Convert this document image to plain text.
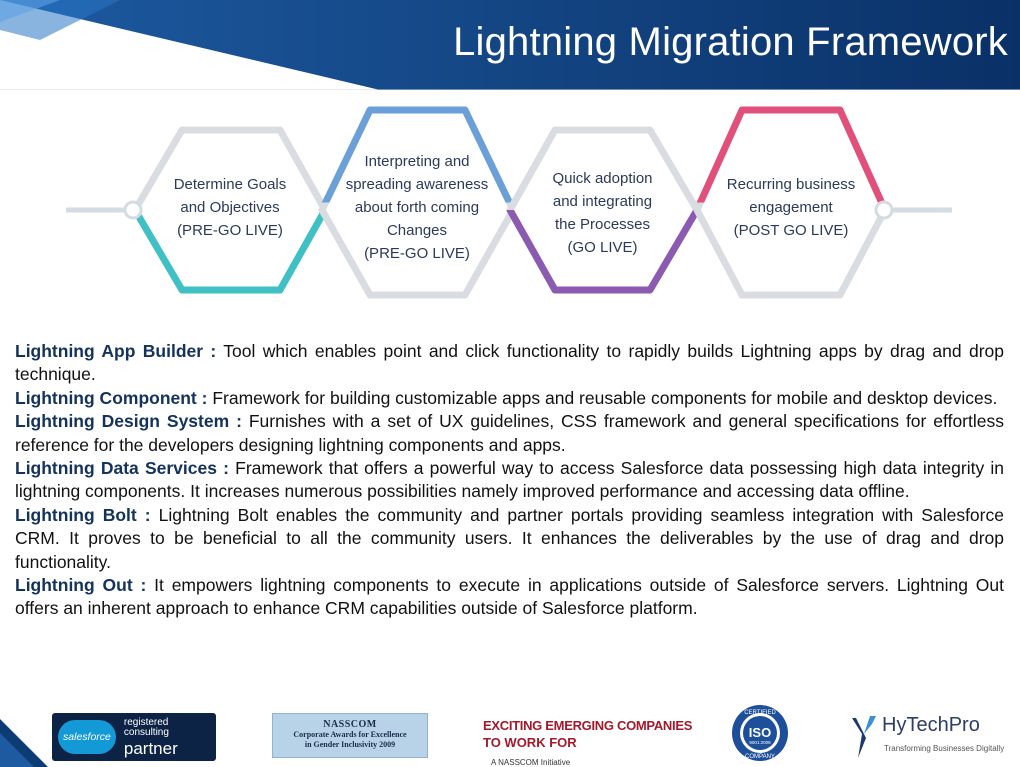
Lightning Migration Framework
Determine Goals
and Objectives
(PRE-GO LIVE)
Interpreting and
spreading awareness
about forth coming
Changes
(PRE-GO LIVE)
Quick adoption
and integrating
the Processes
(GO LIVE)
Recurring business
engagement
(POST GO LIVE)

Lightning App Builder : Tool which enables point and click functionality to rapidly builds Lightning apps by drag and drop technique.

Lightning Component : Framework for building customizable apps and reusable components for mobile and desktop devices.

Lightning Design System : Furnishes with a set of UX guidelines, CSS framework and general specifications for effortless reference for the developers designing lightning components and apps.

Lightning Data Services : Framework that offers a powerful way to access Salesforce data possessing high data integrity in lightning components. It increases numerous possibilities namely improved performance and accessing data offline.

Lightning Bolt : Lightning Bolt enables the community and partner portals providing seamless integration with Salesforce CRM. It proves to be beneficial to all the community users. It enhances the deliverables by the use of drag and drop functionality.

Lightning Out : It empowers lightning components to execute in applications outside of Salesforce servers. Lightning Out offers an inherent approach to enhance CRM capabilities outside of Salesforce platform.

salesforce
registered consulting
partner
NASSCOM
Corporate Awards for Excellence
in Gender Inclusivity 2009
EXCITING EMERGING COMPANIES
TO WORK FORA NASSCOM Initiative
CERTIFIED
ISO
9001:2008
COMPANY
HyTechPro
Transforming Businesses Digitally
